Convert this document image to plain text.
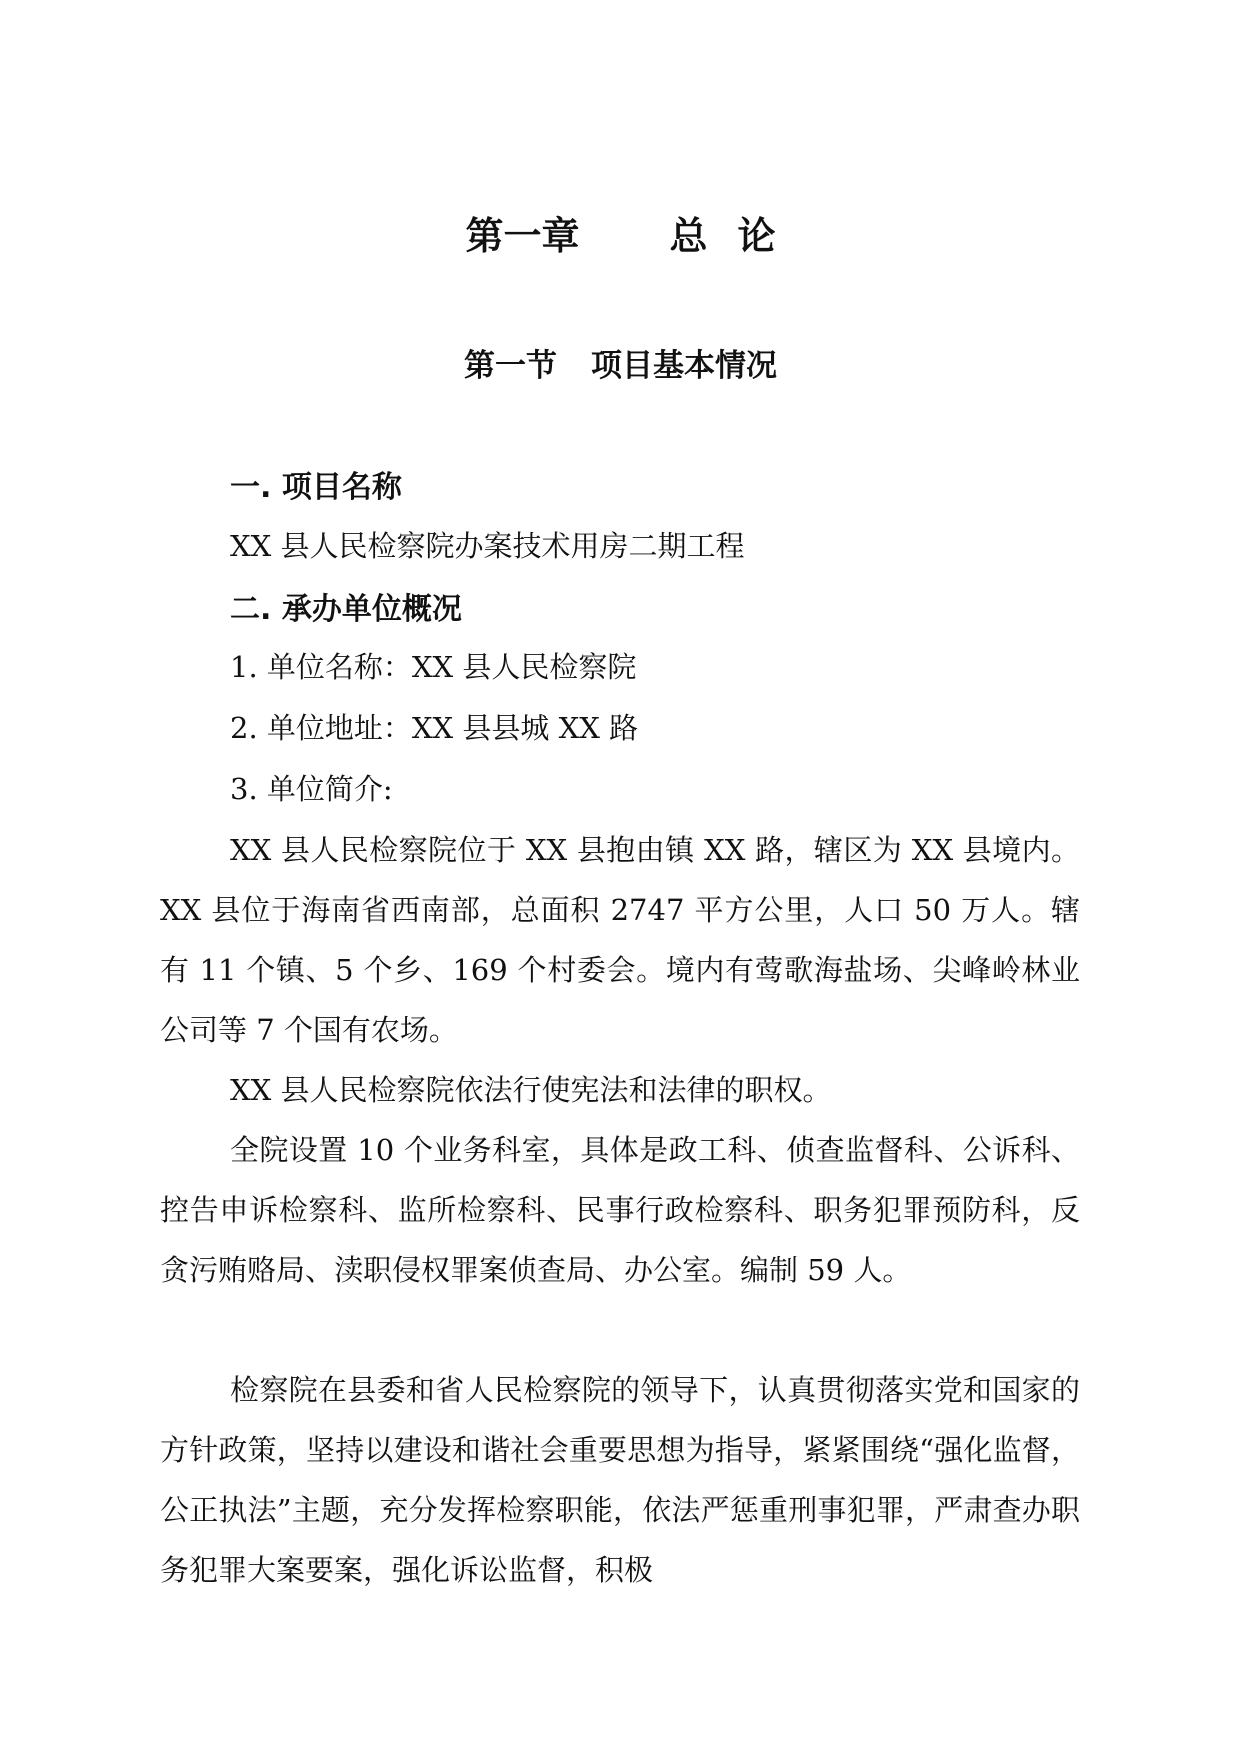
第一章 总 论
第一节 项目基本情况
一. 项目名称
XX 县人民检察院办案技术用房二期工程
二. 承办单位概况
1. 单位名称：XX 县人民检察院
2. 单位地址：XX 县县城 XX 路
3. 单位简介:
XX 县人民检察院位于 XX 县抱由镇 XX 路，辖区为 XX 县境内。XX 县位于海南省西南部，总面积 2747 平方公里，人口 50 万人。辖有 11 个镇、5 个乡、169 个村委会。境内有莺歌海盐场、尖峰岭林业公司等 7 个国有农场。
XX 县人民检察院依法行使宪法和法律的职权。
全院设置 10 个业务科室，具体是政工科、侦查监督科、公诉科、控告申诉检察科、监所检察科、民事行政检察科、职务犯罪预防科，反贪污贿赂局、渎职侵权罪案侦查局、办公室。编制 59 人。
检察院在县委和省人民检察院的领导下，认真贯彻落实党和国家的方针政策，坚持以建设和谐社会重要思想为指导，紧紧围绕“强化监督，公正执法”主题，充分发挥检察职能，依法严惩重刑事犯罪，严肃查办职务犯罪大案要案，强化诉讼监督，积极
